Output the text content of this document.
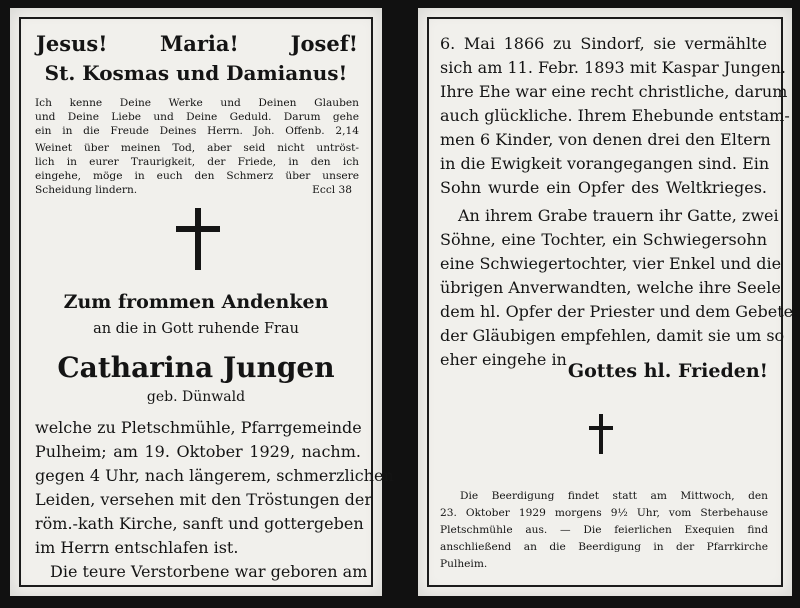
Jesus!	Maria! Josef!
St. Kosmas und Damianus!
Ich kenne Deine Werke und Deinen Glauben
und Deine Liebe und Deine Geduld. Darum gehe
ein in die Freude Deines Herrn. Joh. Offenb. 2,14
Weinet über meinen Tod, aber seid nicht untröst-
lich in eurer Traurigkeit, der Friede, in den ich
eingehe, möge in euch den Schmerz über unsere
Scheidung lindern.	Eccl 38
Zum frommen Andenken
an die in Gott ruhende Frau
Catharina Jungen
geb. Dünwald
welche zu Pletschmühle, Pfarrgemeinde
Pulheim; am 19. Oktober 1929, nachm.
gegen 4 Uhr, nach längerem, schmerzlichen
Leiden, versehen mit den Tröstungen der
röm.-kath Kirche, sanft und gottergeben
im Herrn entschlafen ist.
Die teure Verstorbene war geboren am
6. Mai 1866 zu Sindorf, sie vermählte
sich am 11. Febr. 1893 mit Kaspar Jungen.
Ihre Ehe war eine recht christliche, darum
auch glückliche. Ihrem Ehebunde entstam-
men 6 Kinder, von denen drei den Eltern
in die Ewigkeit vorangegangen sind. Ein
Sohn wurde ein Opfer des Weltkrieges.
An ihrem Grabe trauern ihr Gatte, zwei
Söhne, eine Tochter, ein Schwiegersohn
eine Schwiegertochter, vier Enkel und die
übrigen Anverwandten, welche ihre Seele
dem hl. Opfer der Priester und dem Gebete
der Gläubigen empfehlen, damit sie um so
eher eingehe in
Gottes hl. Frieden!
Die Beerdigung findet statt am Mittwoch, den
23. Oktober 1929 morgens 9½ Uhr, vom Sterbehause
Pletschmühle aus. — Die feierlichen Exequien find
anschließend an die Beerdigung in der Pfarrkirche
Pulheim.
